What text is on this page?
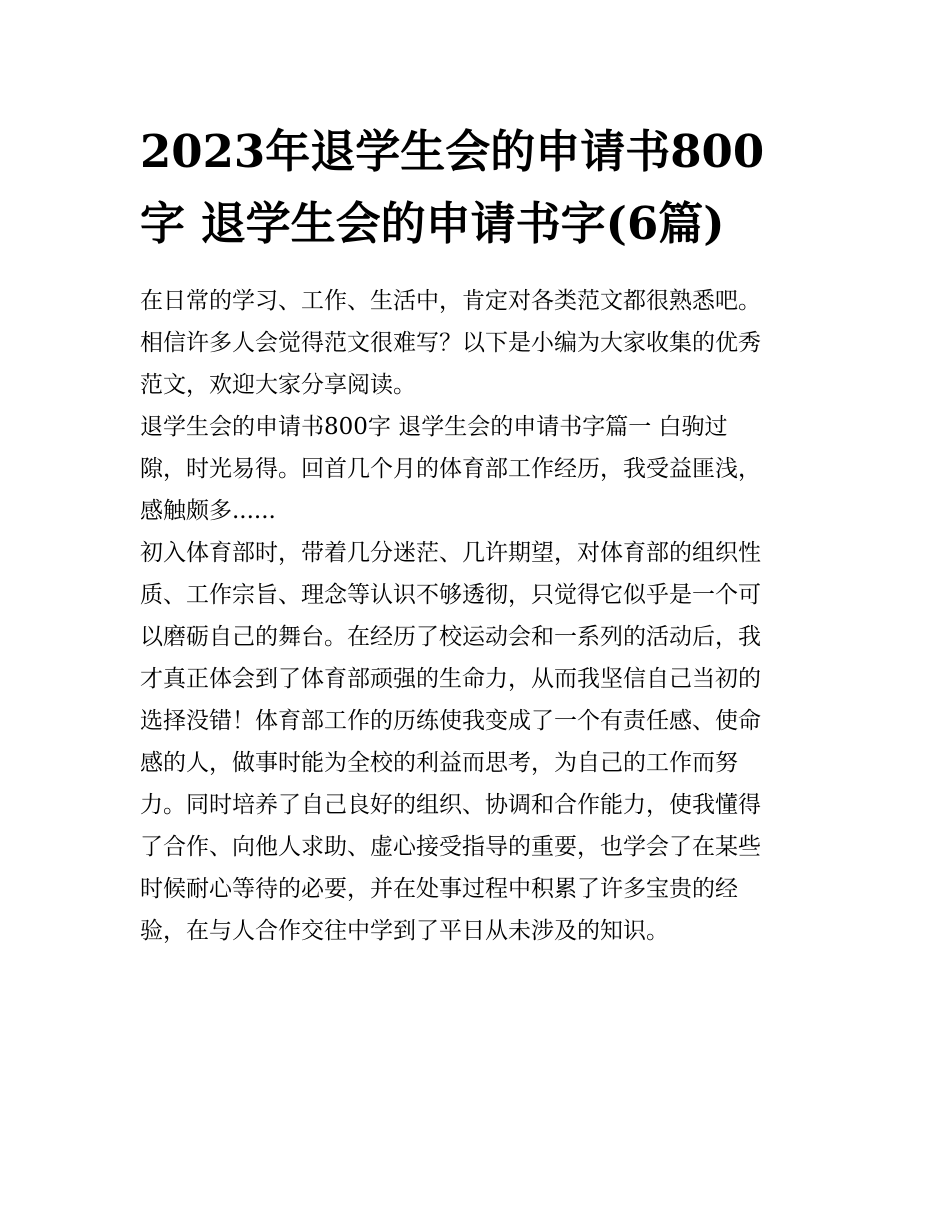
2023年退学生会的申请书800
字 退学生会的申请书字(6篇)
在日常的学习、工作、生活中，肯定对各类范文都很熟悉吧。
相信许多人会觉得范文很难写？以下是小编为大家收集的优秀
范文，欢迎大家分享阅读。
退学生会的申请书800字 退学生会的申请书字篇一 白驹过
隙，时光易得。回首几个月的体育部工作经历，我受益匪浅，
感触颇多......
初入体育部时，带着几分迷茫、几许期望，对体育部的组织性
质、工作宗旨、理念等认识不够透彻，只觉得它似乎是一个可
以磨砺自己的舞台。在经历了校运动会和一系列的活动后，我
才真正体会到了体育部顽强的生命力，从而我坚信自己当初的
选择没错！体育部工作的历练使我变成了一个有责任感、使命
感的人，做事时能为全校的利益而思考，为自己的工作而努
力。同时培养了自己良好的组织、协调和合作能力，使我懂得
了合作、向他人求助、虚心接受指导的重要，也学会了在某些
时候耐心等待的必要，并在处事过程中积累了许多宝贵的经
验，在与人合作交往中学到了平日从未涉及的知识。
